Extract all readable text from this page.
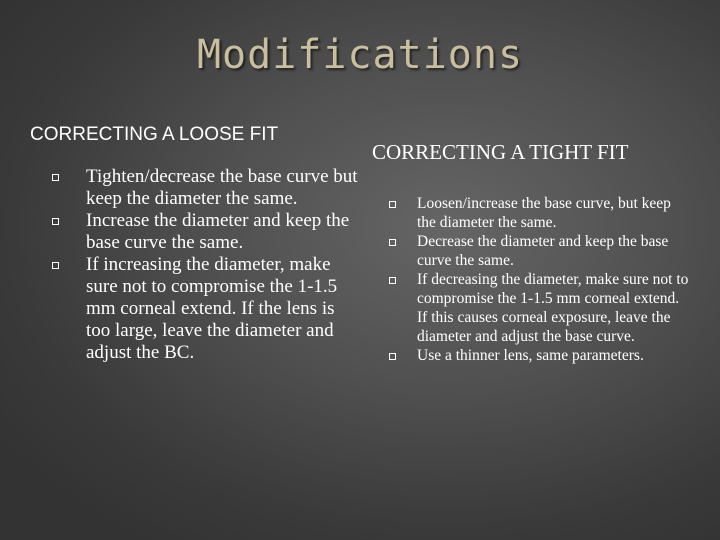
Modifications
CORRECTING A LOOSE FIT
Tighten/decrease the base curve but keep the diameter the same.
Increase the diameter and keep the base curve the same.
If increasing the diameter, make sure not to compromise the 1-1.5 mm corneal extend. If the lens is too large, leave the diameter and adjust the BC.
CORRECTING A TIGHT FIT
Loosen/increase the base curve, but keep the diameter the same.
Decrease the diameter and keep the base curve the same.
If decreasing the diameter, make sure not to compromise the 1-1.5 mm corneal extend. If this causes corneal exposure, leave the diameter and adjust the base curve.
Use a thinner lens, same parameters.
